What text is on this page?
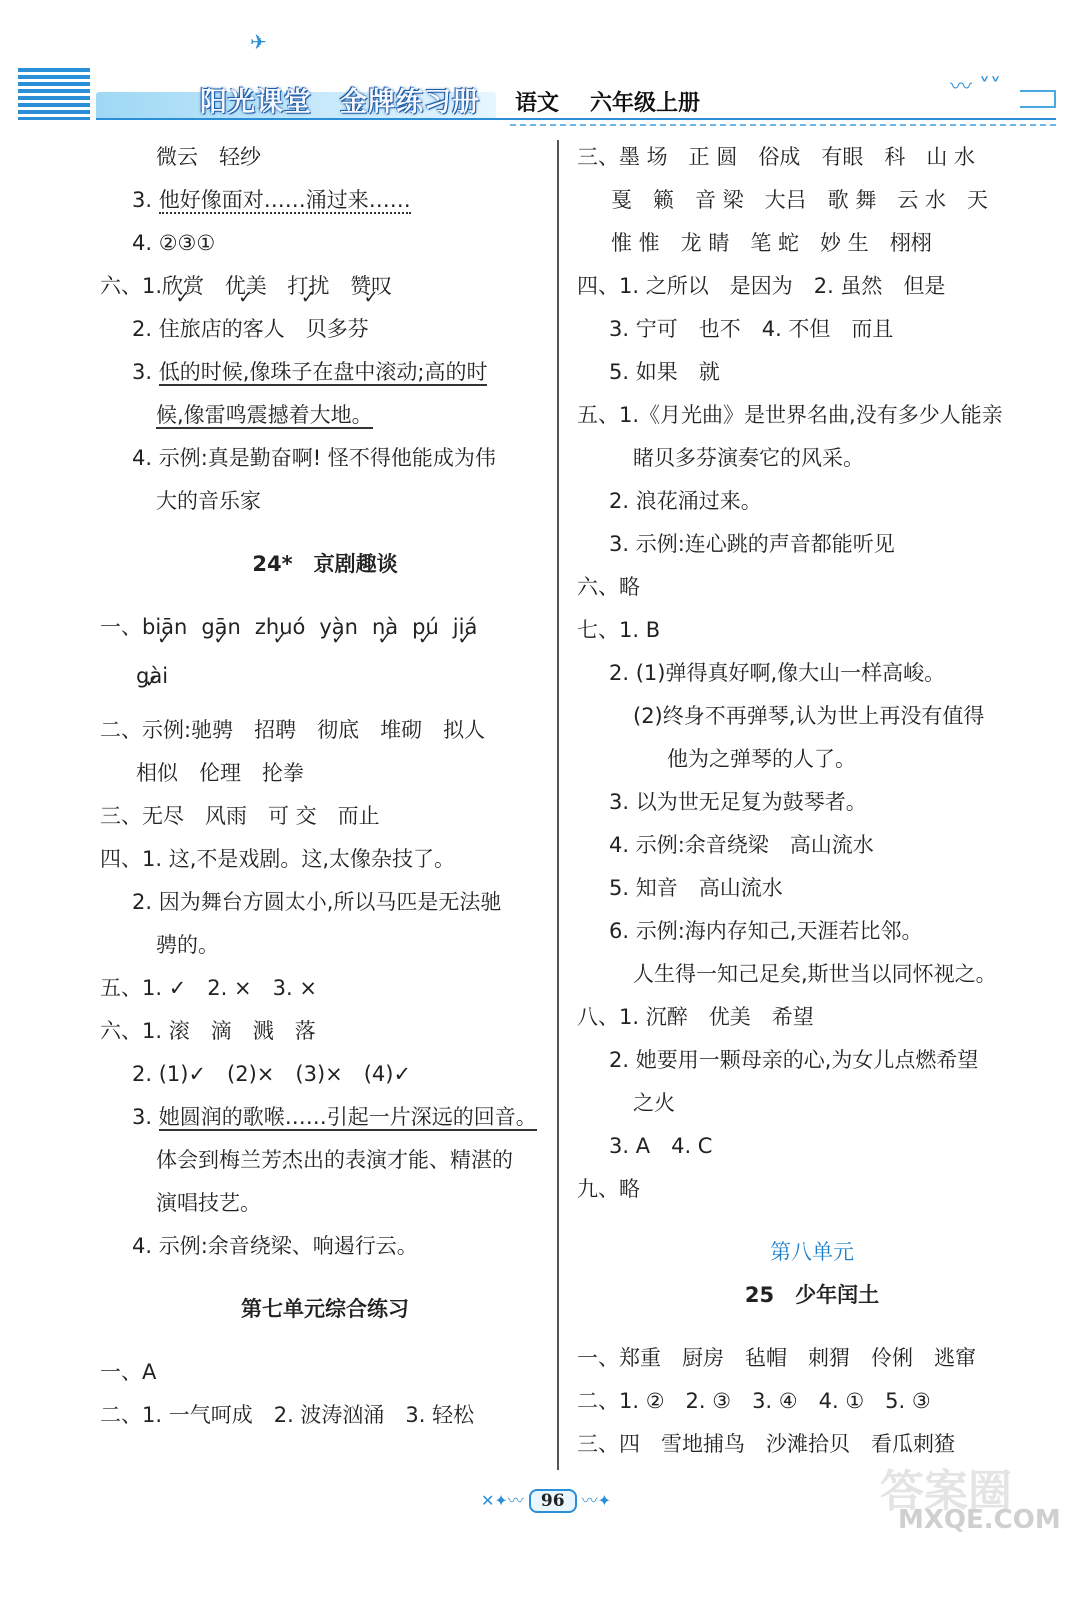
✈
阳光课堂 金牌练习册 语文 六年级上册
〰 ˅˅
微云　轻纱
3. 他好像面对……涌过来……
4. ②③①
六、1.欣赏 ✓ 优美 ✓ 打扰 ✓ 赞叹 ✓
2. 住旅店的客人　贝多芬
3. 低的时候,像珠子在盘中滚动;高的时
候,像雷鸣震撼着大地。
4. 示例:真是勤奋啊! 怪不得他能成为伟
大的音乐家
24*　京剧趣谈
一、biān ✓ gān ✓ zhuó ✓ yàn ✓ nà ✓ pú ✓ jiá ✓
gài ✓
二、示例:驰骋　招聘　彻底　堆砌　拟人
相似　伦理　抡拳
三、无尽　风雨　可 交　而止
四、1. 这,不是戏剧。这,太像杂技了。
2. 因为舞台方圆太小,所以马匹是无法驰
骋的。
五、1. ✓　2. ×　3. ×
六、1. 滚　滴　溅　落
2. (1)✓　(2)×　(3)×　(4)✓
3. 她圆润的歌喉……引起一片深远的回音。
体会到梅兰芳杰出的表演才能、精湛的
演唱技艺。
4. 示例:余音绕梁、响遏行云。
第七单元综合练习
一、A
二、1. 一气呵成　2. 波涛汹涌　3. 轻松
三、墨 场　正 圆　俗成　有眼　科　山 水
戛　籁　音 梁　大吕　歌 舞　云 水　天
惟 惟　龙 睛　笔 蛇　妙 生　栩栩
四、1. 之所以　是因为　2. 虽然　但是
3. 宁可　也不　4. 不但　而且
5. 如果　就
五、1.《月光曲》是世界名曲,没有多少人能亲
睹贝多芬演奏它的风采。
2. 浪花涌过来。
3. 示例:连心跳的声音都能听见
六、略
七、1. B
2. (1)弹得真好啊,像大山一样高峻。
(2)终身不再弹琴,认为世上再没有值得
他为之弹琴的人了。
3. 以为世无足复为鼓琴者。
4. 示例:余音绕梁　高山流水
5. 知音　高山流水
6. 示例:海内存知己,天涯若比邻。
人生得一知己足矣,斯世当以同怀视之。
八、1. 沉醉　优美　希望
2. 她要用一颗母亲的心,为女儿点燃希望
之火
3. A　4. C
九、略
第八单元
25　少年闰土
一、郑重　厨房　毡帽　刺猬　伶俐　逃窜
二、1. ②　2. ③　3. ④　4. ①　5. ③
三、四　雪地捕鸟　沙滩拾贝　看瓜刺猹
✕✦〰 96 〰✦	答案圈
MXQE.COM
